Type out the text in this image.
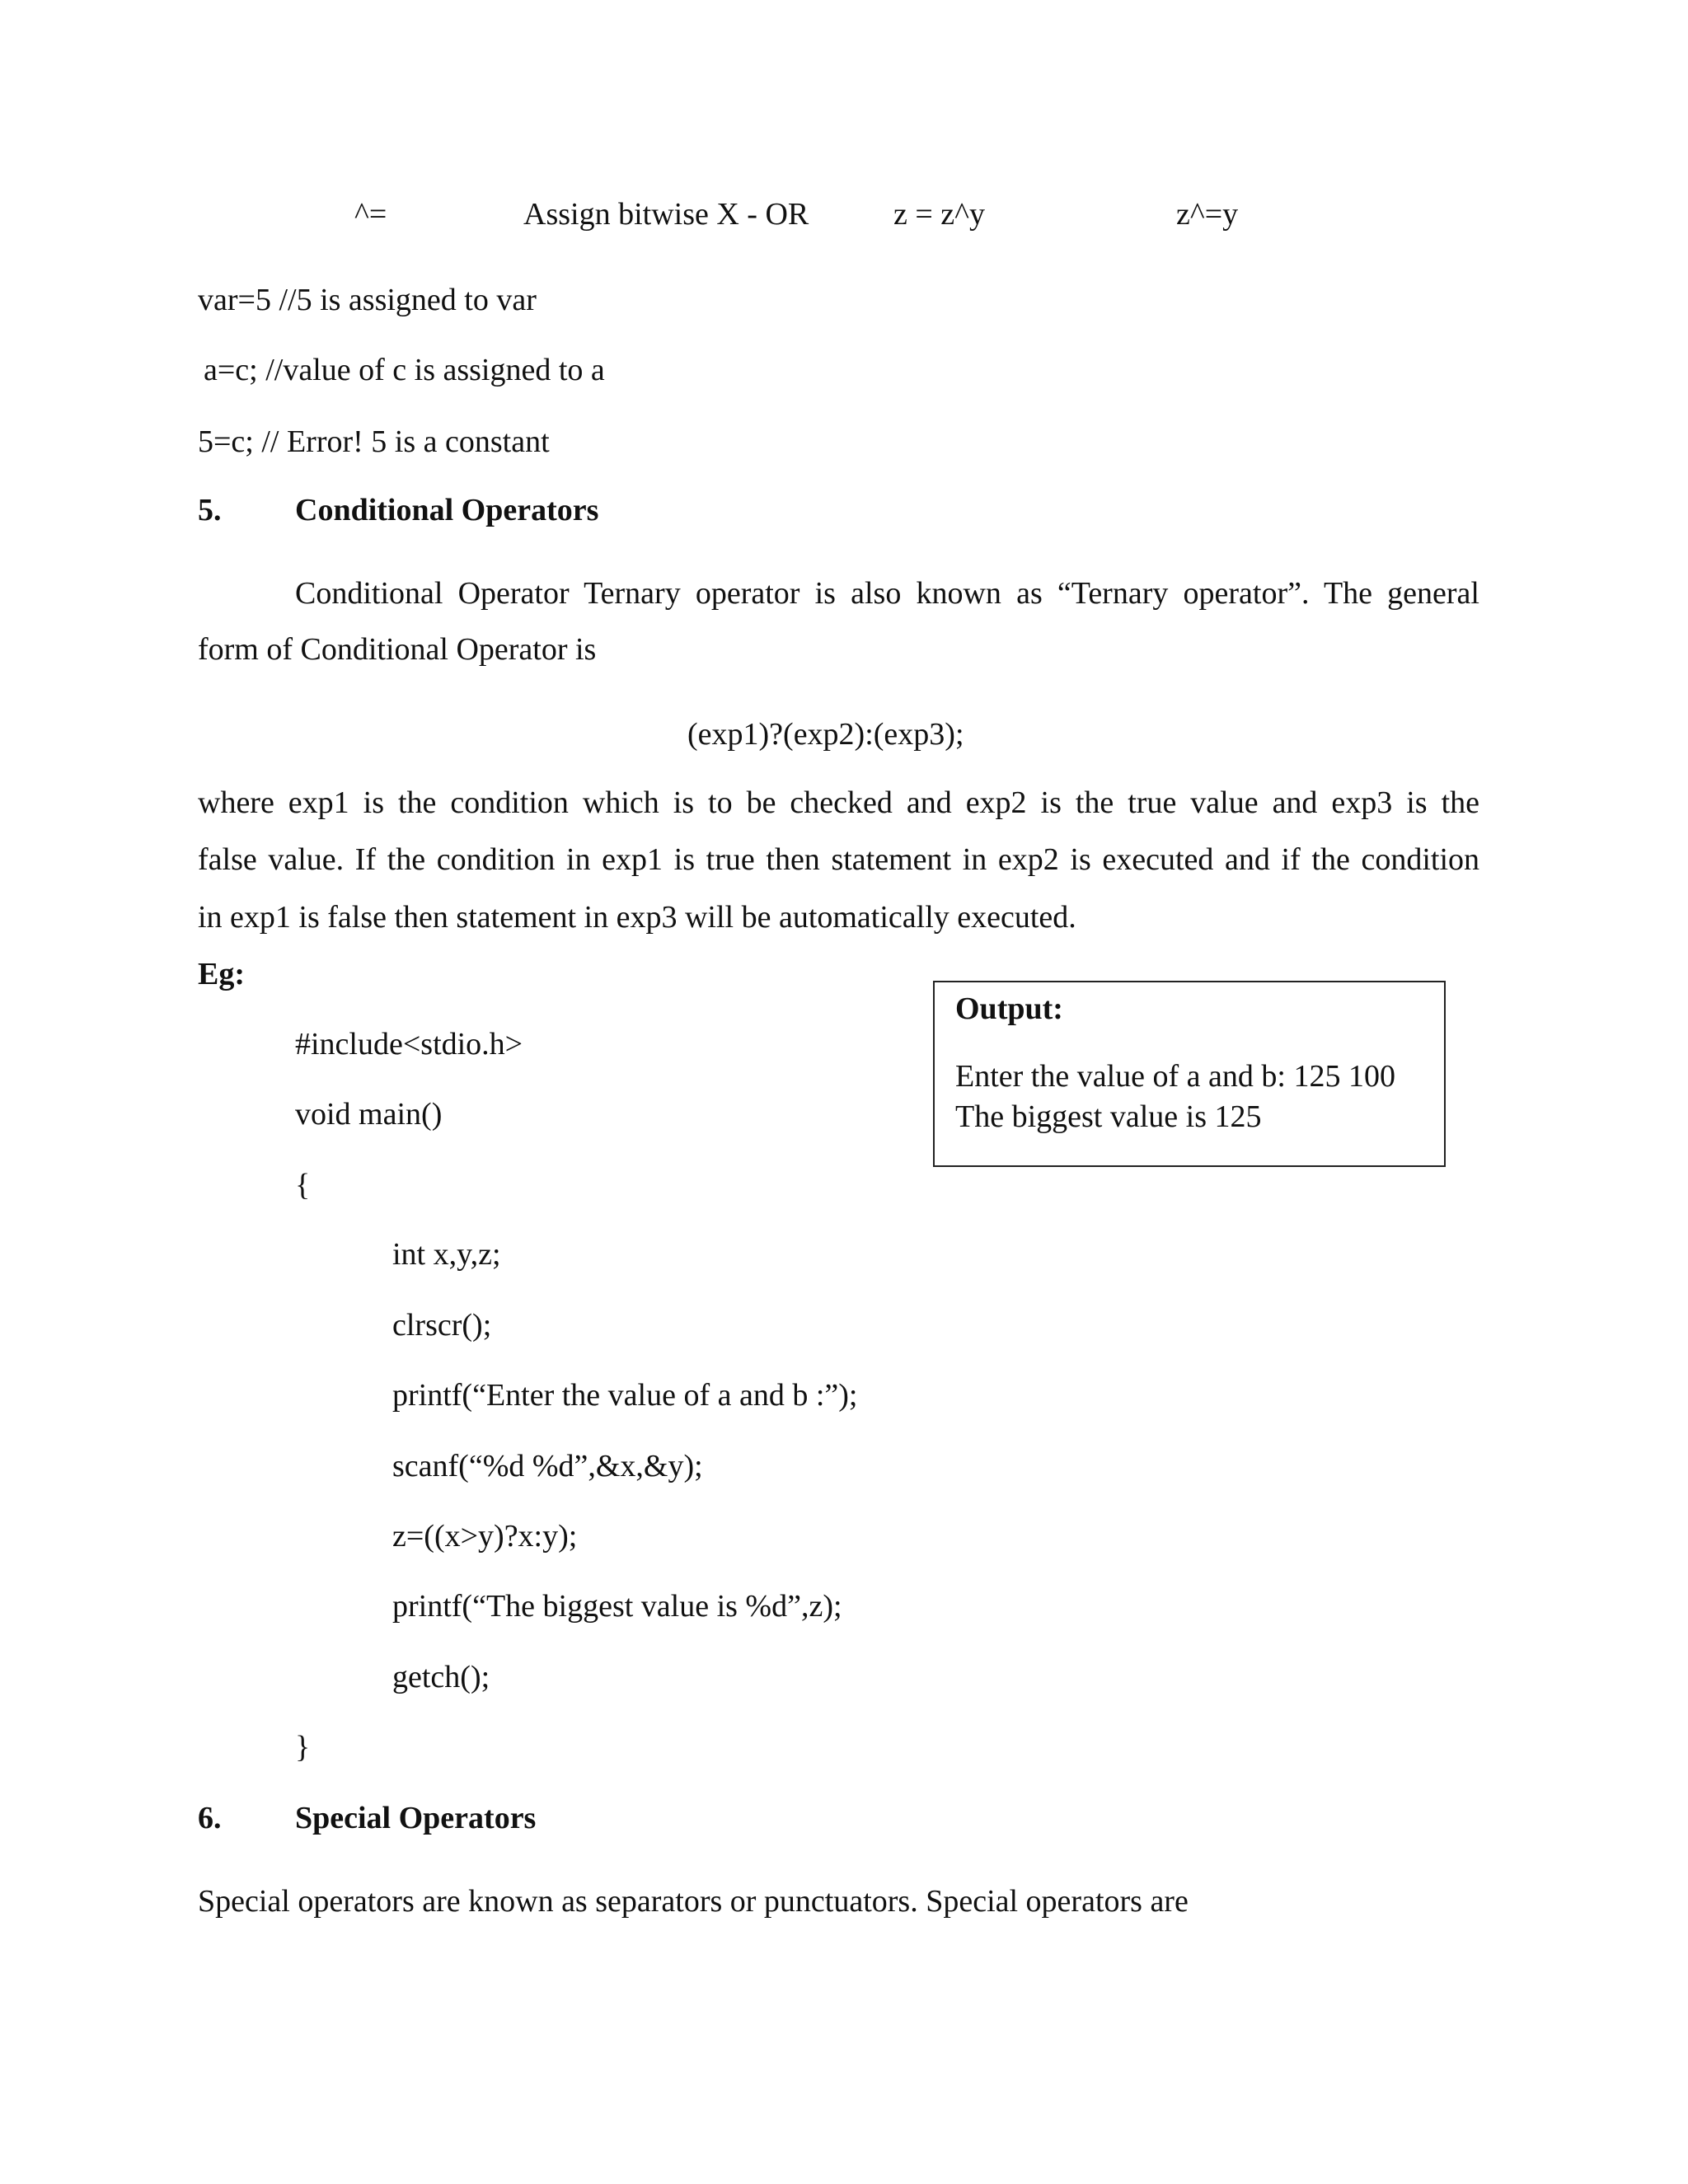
^=	Assign bitwise X - OR	z = z^y	z^=y
var=5 //5 is assigned to var
a=c; //value of c is assigned to a
5=c; // Error! 5 is a constant
5. Conditional Operators
Conditional Operator Ternary operator is also known as “Ternary operator”. The general
form of Conditional Operator is
(exp1)?(exp2):(exp3);
where exp1 is the condition which is to be checked and exp2 is the true value and exp3 is the
false value. If the condition in exp1 is true then statement in exp2 is executed and if the condition
in exp1 is false then statement in exp3 will be automatically executed.
Eg:
#include<stdio.h>
void main()
{
int x,y,z;
clrscr();
printf(“Enter the value of a and b :”);
scanf(“%d %d”,&x,&y);
z=((x>y)?x:y);
printf(“The biggest value is %d”,z);
getch();
}
Output:
Enter the value of a and b: 125 100
The biggest value is 125
6. Special Operators
Special operators are known as separators or punctuators. Special operators are
